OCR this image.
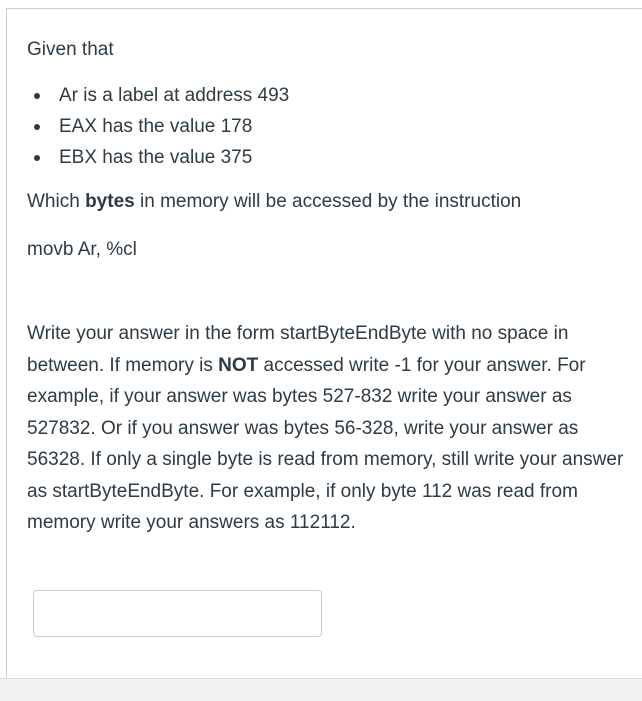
Given that

Ar is a label at address 493
EAX has the value 178
EBX has the value 375

Which bytes in memory will be accessed by the instruction

movb Ar, %cl

Write your answer in the form startByteEndByte with no space in between. If memory is NOT accessed write -1 for your answer. For example, if your answer was bytes 527-832 write your answer as 527832. Or if you answer was bytes 56-328, write your answer as 56328. If only a single byte is read from memory, still write your answer as startByteEndByte. For example, if only byte 112 was read from memory write your answers as 112112.
